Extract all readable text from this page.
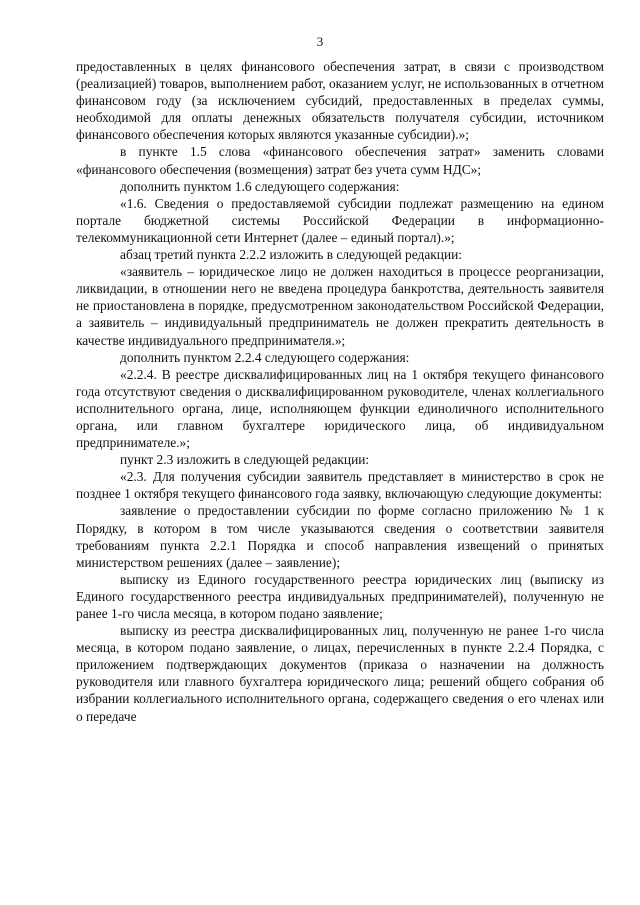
3

предоставленных в целях финансового обеспечения затрат, в связи с производством (реализацией) товаров, выполнением работ, оказанием услуг, не использованных в отчетном финансовом году (за исключением субсидий, предоставленных в пределах суммы, необходимой для оплаты денежных обязательств получателя субсидии, источником финансового обеспечения которых являются указанные субсидии).»;

в пункте 1.5 слова «финансового обеспечения затрат» заменить словами «финансового обеспечения (возмещения) затрат без учета сумм НДС»;

дополнить пунктом 1.6 следующего содержания:

«1.6. Сведения о предоставляемой субсидии подлежат размещению на едином портале бюджетной системы Российской Федерации в информационно-телекоммуникационной сети Интернет (далее – единый портал).»;

абзац третий пункта 2.2.2 изложить в следующей редакции:

«заявитель – юридическое лицо не должен находиться в процессе реорганизации, ликвидации, в отношении него не введена процедура банкротства, деятельность заявителя не приостановлена в порядке, предусмотренном законодательством Российской Федерации, а заявитель – индивидуальный предприниматель не должен прекратить деятельность в качестве индивидуального предпринимателя.»;

дополнить пунктом 2.2.4 следующего содержания:

«2.2.4. В реестре дисквалифицированных лиц на 1 октября текущего финансового года отсутствуют сведения о дисквалифицированном руководителе, членах коллегиального исполнительного органа, лице, исполняющем функции единоличного исполнительного органа, или главном бухгалтере юридического лица, об индивидуальном предпринимателе.»;

пункт 2.3 изложить в следующей редакции:

«2.3. Для получения субсидии заявитель представляет в министерство в срок не позднее 1 октября текущего финансового года заявку, включающую следующие документы:

заявление о предоставлении субсидии по форме согласно приложению № 1 к Порядку, в котором в том числе указываются сведения о соответствии заявителя требованиям пункта 2.2.1 Порядка и способ направления извещений о принятых министерством решениях (далее – заявление);

выписку из Единого государственного реестра юридических лиц (выписку из Единого государственного реестра индивидуальных предпринимателей), полученную не ранее 1-го числа месяца, в котором подано заявление;

выписку из реестра дисквалифицированных лиц, полученную не ранее 1-го числа месяца, в котором подано заявление, о лицах, перечисленных в пункте 2.2.4 Порядка, с приложением подтверждающих документов (приказа о назначении на должность руководителя или главного бухгалтера юридического лица; решений общего собрания об избрании коллегиального исполнительного органа, содержащего сведения о его членах или о передаче
